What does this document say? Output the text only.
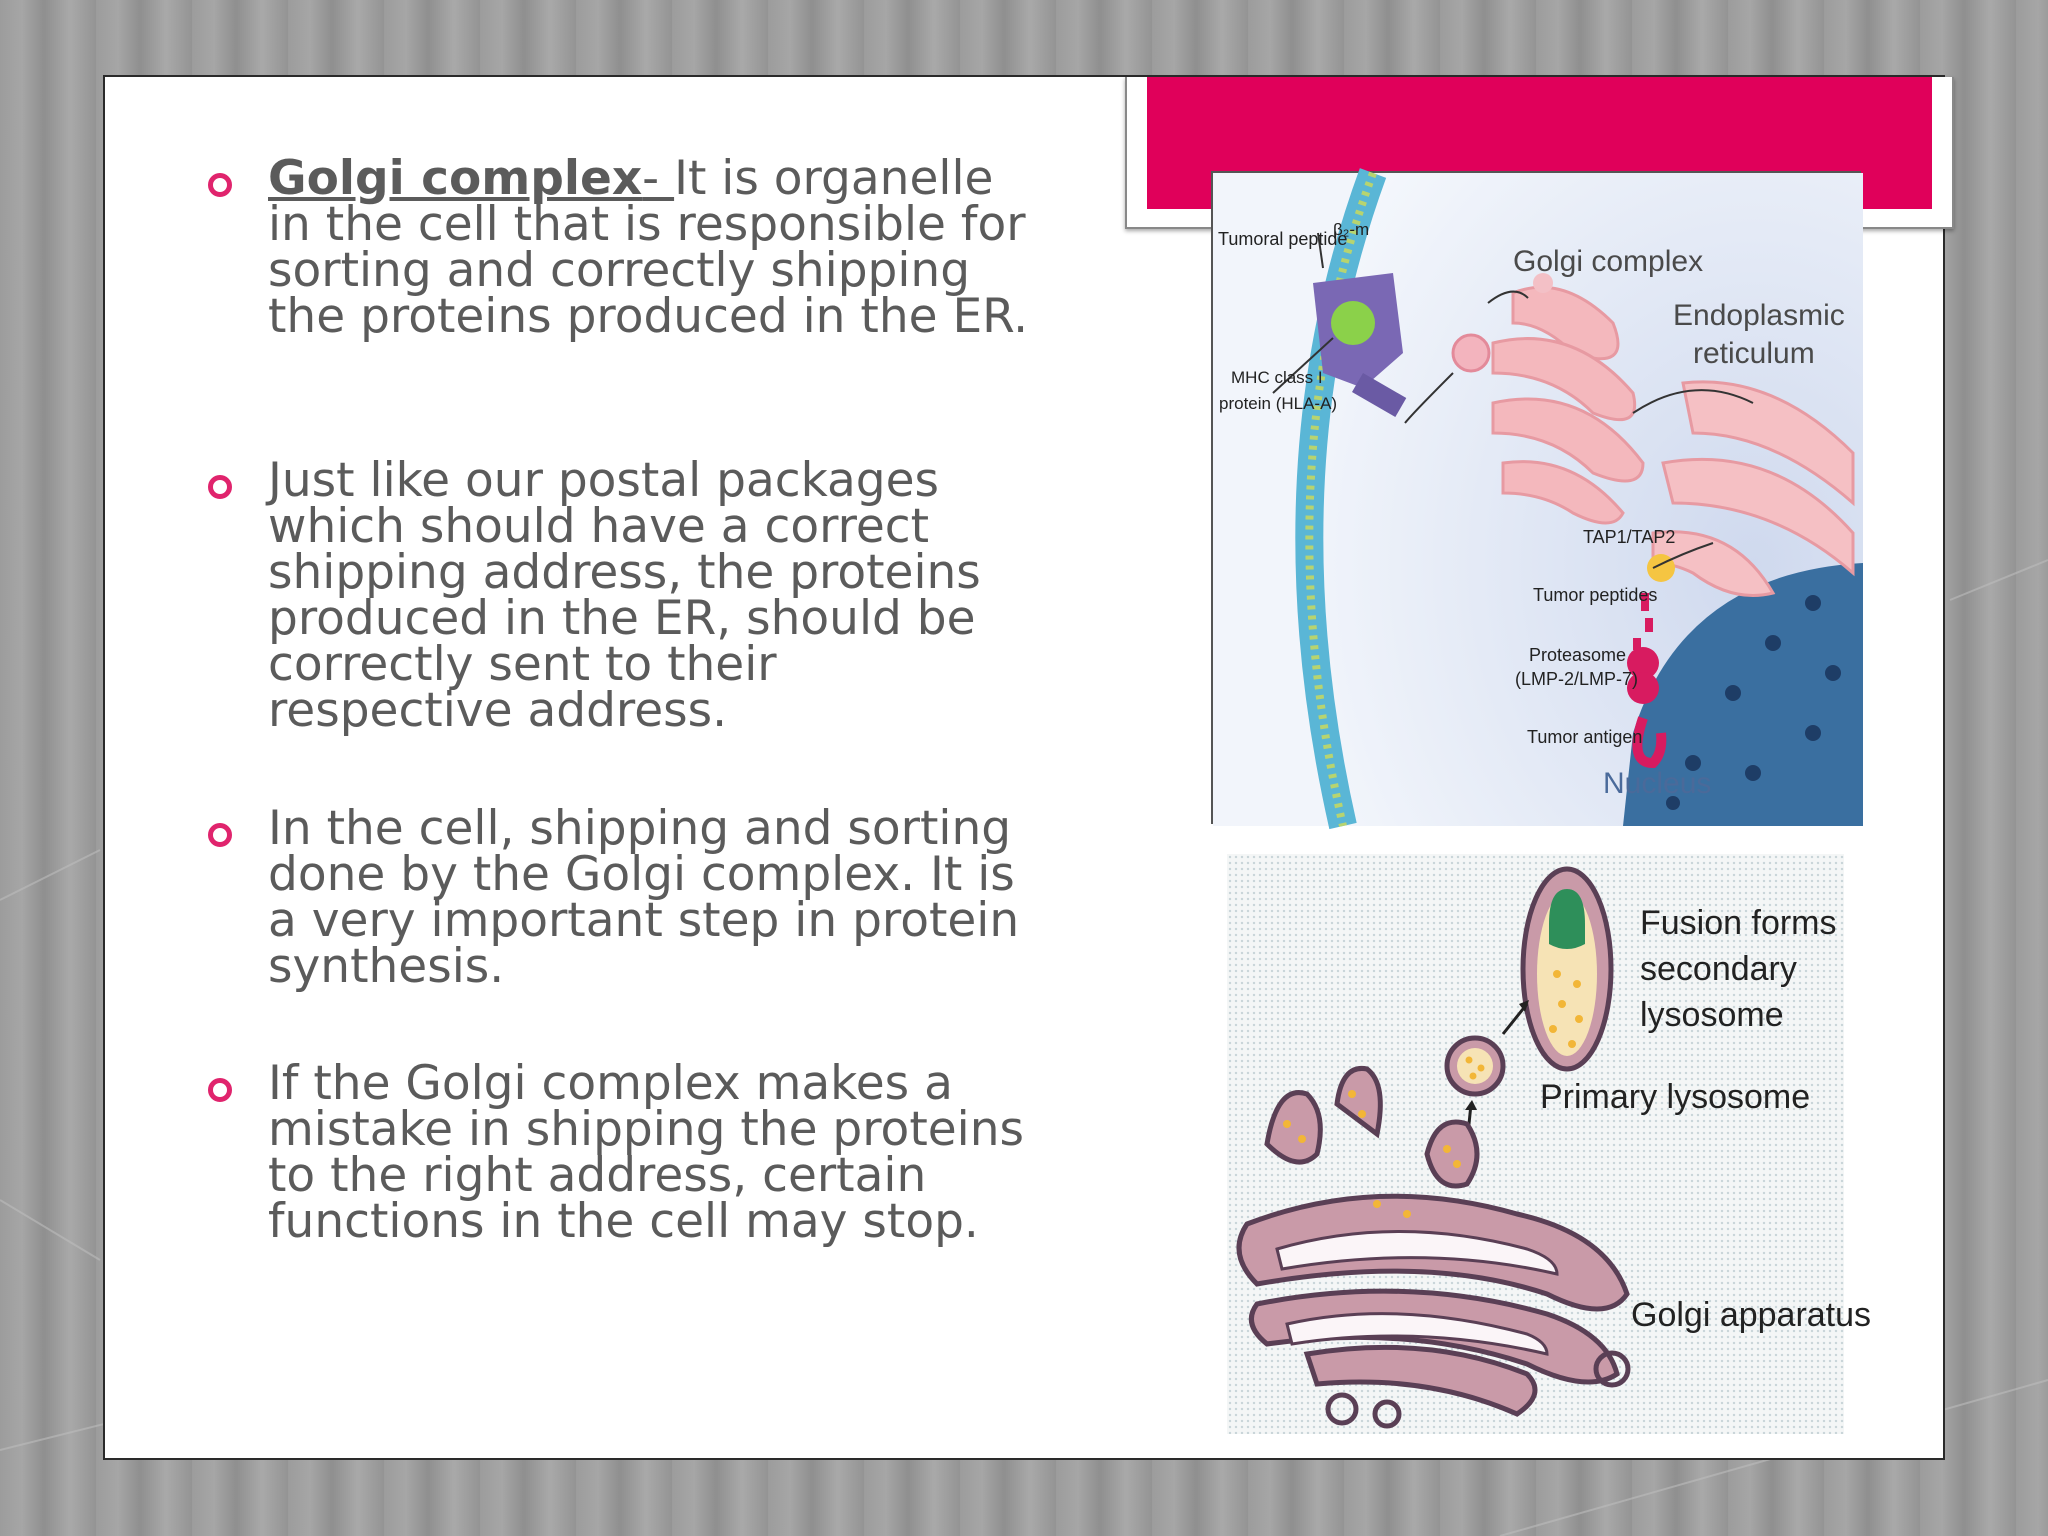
Golgi complex- It is organelle in the cell that is responsible for sorting and correctly shipping the proteins produced in the ER.
Just like our postal packages which should have a correct shipping address, the proteins produced in the ER, should be correctly sent to their respective address.
In the cell, shipping and sorting done by the Golgi complex. It is a very important step in protein synthesis.
If the Golgi complex makes a mistake in shipping the proteins to the right address, certain functions in the cell may stop.
Tumoral peptide
β₂-m
MHC class I
protein (HLA-A)
Golgi complex
Endoplasmic
reticulum
TAP1/TAP2
Tumor peptides
Proteasome
(LMP-2/LMP-7)
Tumor antigen
Nucleus
Fusion forms
secondary
lysosome
Primary lysosome
Golgi apparatus
